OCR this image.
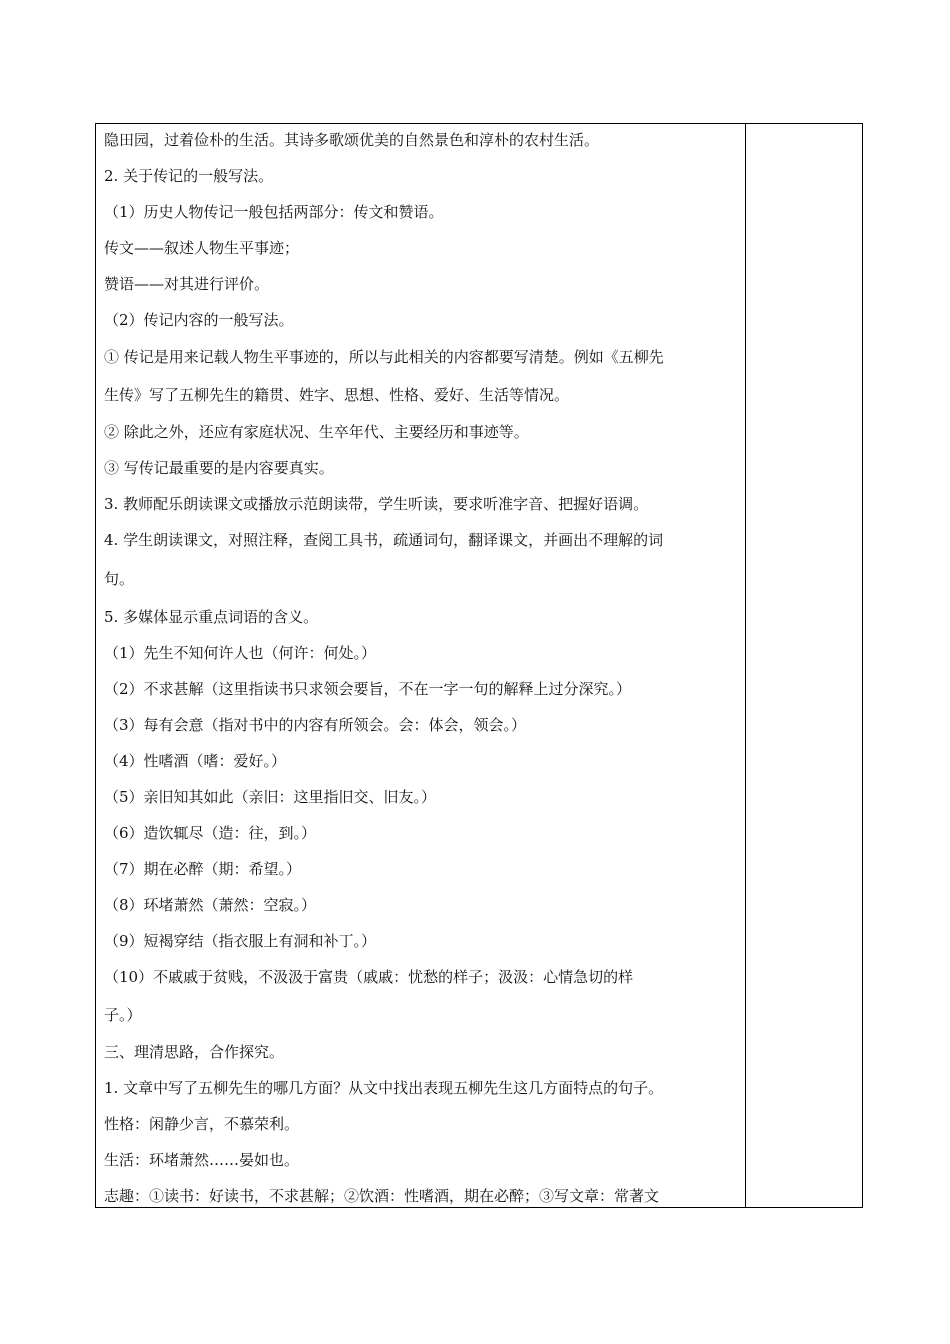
隐田园，过着俭朴的生活。其诗多歌颂优美的自然景色和淳朴的农村生活。
2. 关于传记的一般写法。
（1）历史人物传记一般包括两部分：传文和赞语。
传文——叙述人物生平事迹；
赞语——对其进行评价。
（2）传记内容的一般写法。
① 传记是用来记载人物生平事迹的，所以与此相关的内容都要写清楚。例如《五柳先
生传》写了五柳先生的籍贯、姓字、思想、性格、爱好、生活等情况。
② 除此之外，还应有家庭状况、生卒年代、主要经历和事迹等。
③ 写传记最重要的是内容要真实。
3. 教师配乐朗读课文或播放示范朗读带，学生听读，要求听准字音、把握好语调。
4. 学生朗读课文，对照注释，查阅工具书，疏通词句，翻译课文，并画出不理解的词
句。
5. 多媒体显示重点词语的含义。
（1）先生不知何许人也（何许：何处。）
（2）不求甚解（这里指读书只求领会要旨，不在一字一句的解释上过分深究。）
（3）每有会意（指对书中的内容有所领会。会：体会，领会。）
（4）性嗜酒（嗜：爱好。）
（5）亲旧知其如此（亲旧：这里指旧交、旧友。）
（6）造饮辄尽（造：往，到。）
（7）期在必醉（期：希望。）
（8）环堵萧然（萧然：空寂。）
（9）短褐穿结（指衣服上有洞和补丁。）
（10）不戚戚于贫贱，不汲汲于富贵（戚戚：忧愁的样子；汲汲：心情急切的样
子。）
三、理清思路，合作探究。
1. 文章中写了五柳先生的哪几方面？从文中找出表现五柳先生这几方面特点的句子。
性格：闲静少言，不慕荣利。
生活：环堵萧然……晏如也。
志趣：①读书：好读书，不求甚解；②饮酒：性嗜酒，期在必醉；③写文章：常著文
